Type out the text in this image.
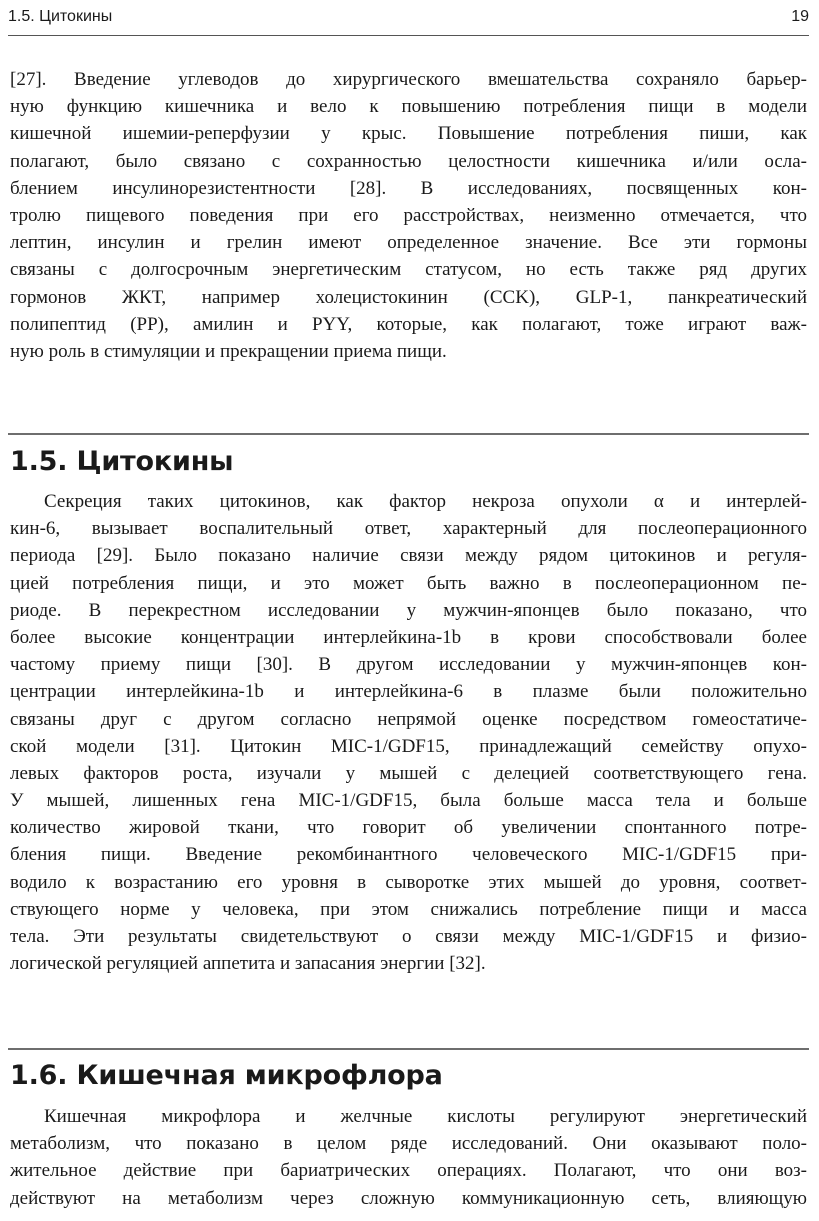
1.5. Цитокины	19
[27]. Введение углеводов до хирургического вмешательства сохраняло барьер-
ную функцию кишечника и вело к повышению потребления пищи в модели
кишечной ишемии-реперфузии у крыс. Повышение потребления пиши, как
полагают, было связано с сохранностью целостности кишечника и/или осла-
блением инсулинорезистентности [28]. В исследованиях, посвященных кон-
тролю пищевого поведения при его расстройствах, неизменно отмечается, что
лептин, инсулин и грелин имеют определенное значение. Все эти гормоны
связаны с долгосрочным энергетическим статусом, но есть также ряд других
гормонов ЖКТ, например холецистокинин (CCK), GLP-1, панкреатический
полипептид (PP), амилин и PYY, которые, как полагают, тоже играют важ-
ную роль в стимуляции и прекращении приема пищи.
1.5. Цитокины
Секреция таких цитокинов, как фактор некроза опухоли α и интерлей-
кин-6, вызывает воспалительный ответ, характерный для послеоперационного
периода [29]. Было показано наличие связи между рядом цитокинов и регуля-
цией потребления пищи, и это может быть важно в послеоперационном пе-
риоде. В перекрестном исследовании у мужчин-японцев было показано, что
более высокие концентрации интерлейкина-1b в крови способствовали более
частому приему пищи [30]. В другом исследовании у мужчин-японцев кон-
центрации интерлейкина-1b и интерлейкина-6 в плазме были положительно
связаны друг с другом согласно непрямой оценке посредством гомеостатиче-
ской модели [31]. Цитокин MIC-1/GDF15, принадлежащий семейству опухо-
левых факторов роста, изучали у мышей с делецией соответствующего гена.
У мышей, лишенных гена MIC-1/GDF15, была больше масса тела и больше
количество жировой ткани, что говорит об увеличении спонтанного потре-
бления пищи. Введение рекомбинантного человеческого MIC-1/GDF15 при-
водило к возрастанию его уровня в сыворотке этих мышей до уровня, соответ-
ствующего норме у человека, при этом снижались потребление пищи и масса
тела. Эти результаты свидетельствуют о связи между MIC-1/GDF15 и физио-
логической регуляцией аппетита и запасания энергии [32].
1.6. Кишечная микрофлора
Кишечная микрофлора и желчные кислоты регулируют энергетический
метаболизм, что показано в целом ряде исследований. Они оказывают поло-
жительное действие при бариатрических операциях. Полагают, что они воз-
действуют на метаболизм через сложную коммуникационную сеть, влияющую
